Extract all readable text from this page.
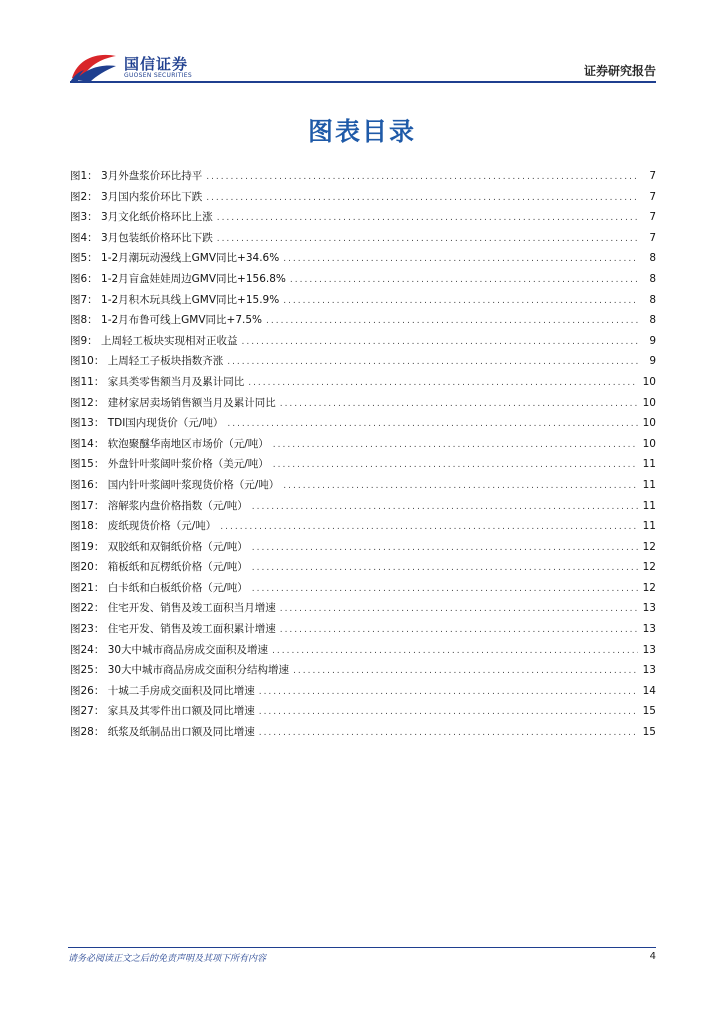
国信证券
GUOSEN SECURITIES	证券研究报告
图表目录
图1： 3月外盘浆价环比持平 .....	7
图2： 3月国内浆价环比下跌 .....	7
图3： 3月文化纸价格环比上涨 .....	7
图4： 3月包装纸价格环比下跌 .....	7
图5： 1-2月潮玩动漫线上GMV同比+34.6% .....	8
图6： 1-2月盲盒娃娃周边GMV同比+156.8% .....	8
图7： 1-2月积木玩具线上GMV同比+15.9% .....	8
图8： 1-2月布鲁可线上GMV同比+7.5% .....	8
图9： 上周轻工板块实现相对正收益 .....	9
图10： 上周轻工子板块指数齐涨 .....	9
图11： 家具类零售额当月及累计同比 .....	10
图12： 建材家居卖场销售额当月及累计同比 .....	10
图13： TDI国内现货价（元/吨） .....	10
图14： 软泡聚醚华南地区市场价（元/吨） .....	10
图15： 外盘针叶浆阔叶浆价格（美元/吨） .....	11
图16： 国内针叶浆阔叶浆现货价格（元/吨） .....	11
图17： 溶解浆内盘价格指数（元/吨） .....	11
图18： 废纸现货价格（元/吨） .....	11
图19： 双胶纸和双铜纸价格（元/吨） .....	12
图20： 箱板纸和瓦楞纸价格（元/吨） .....	12
图21： 白卡纸和白板纸价格（元/吨） .....	12
图22： 住宅开发、销售及竣工面积当月增速 .....	13
图23： 住宅开发、销售及竣工面积累计增速 .....	13
图24： 30大中城市商品房成交面积及增速 .....	13
图25： 30大中城市商品房成交面积分结构增速 .....	13
图26： 十城二手房成交面积及同比增速 .....	14
图27： 家具及其零件出口额及同比增速 .....	15
图28： 纸浆及纸制品出口额及同比增速 .....	15
请务必阅读正文之后的免责声明及其项下所有内容	4
